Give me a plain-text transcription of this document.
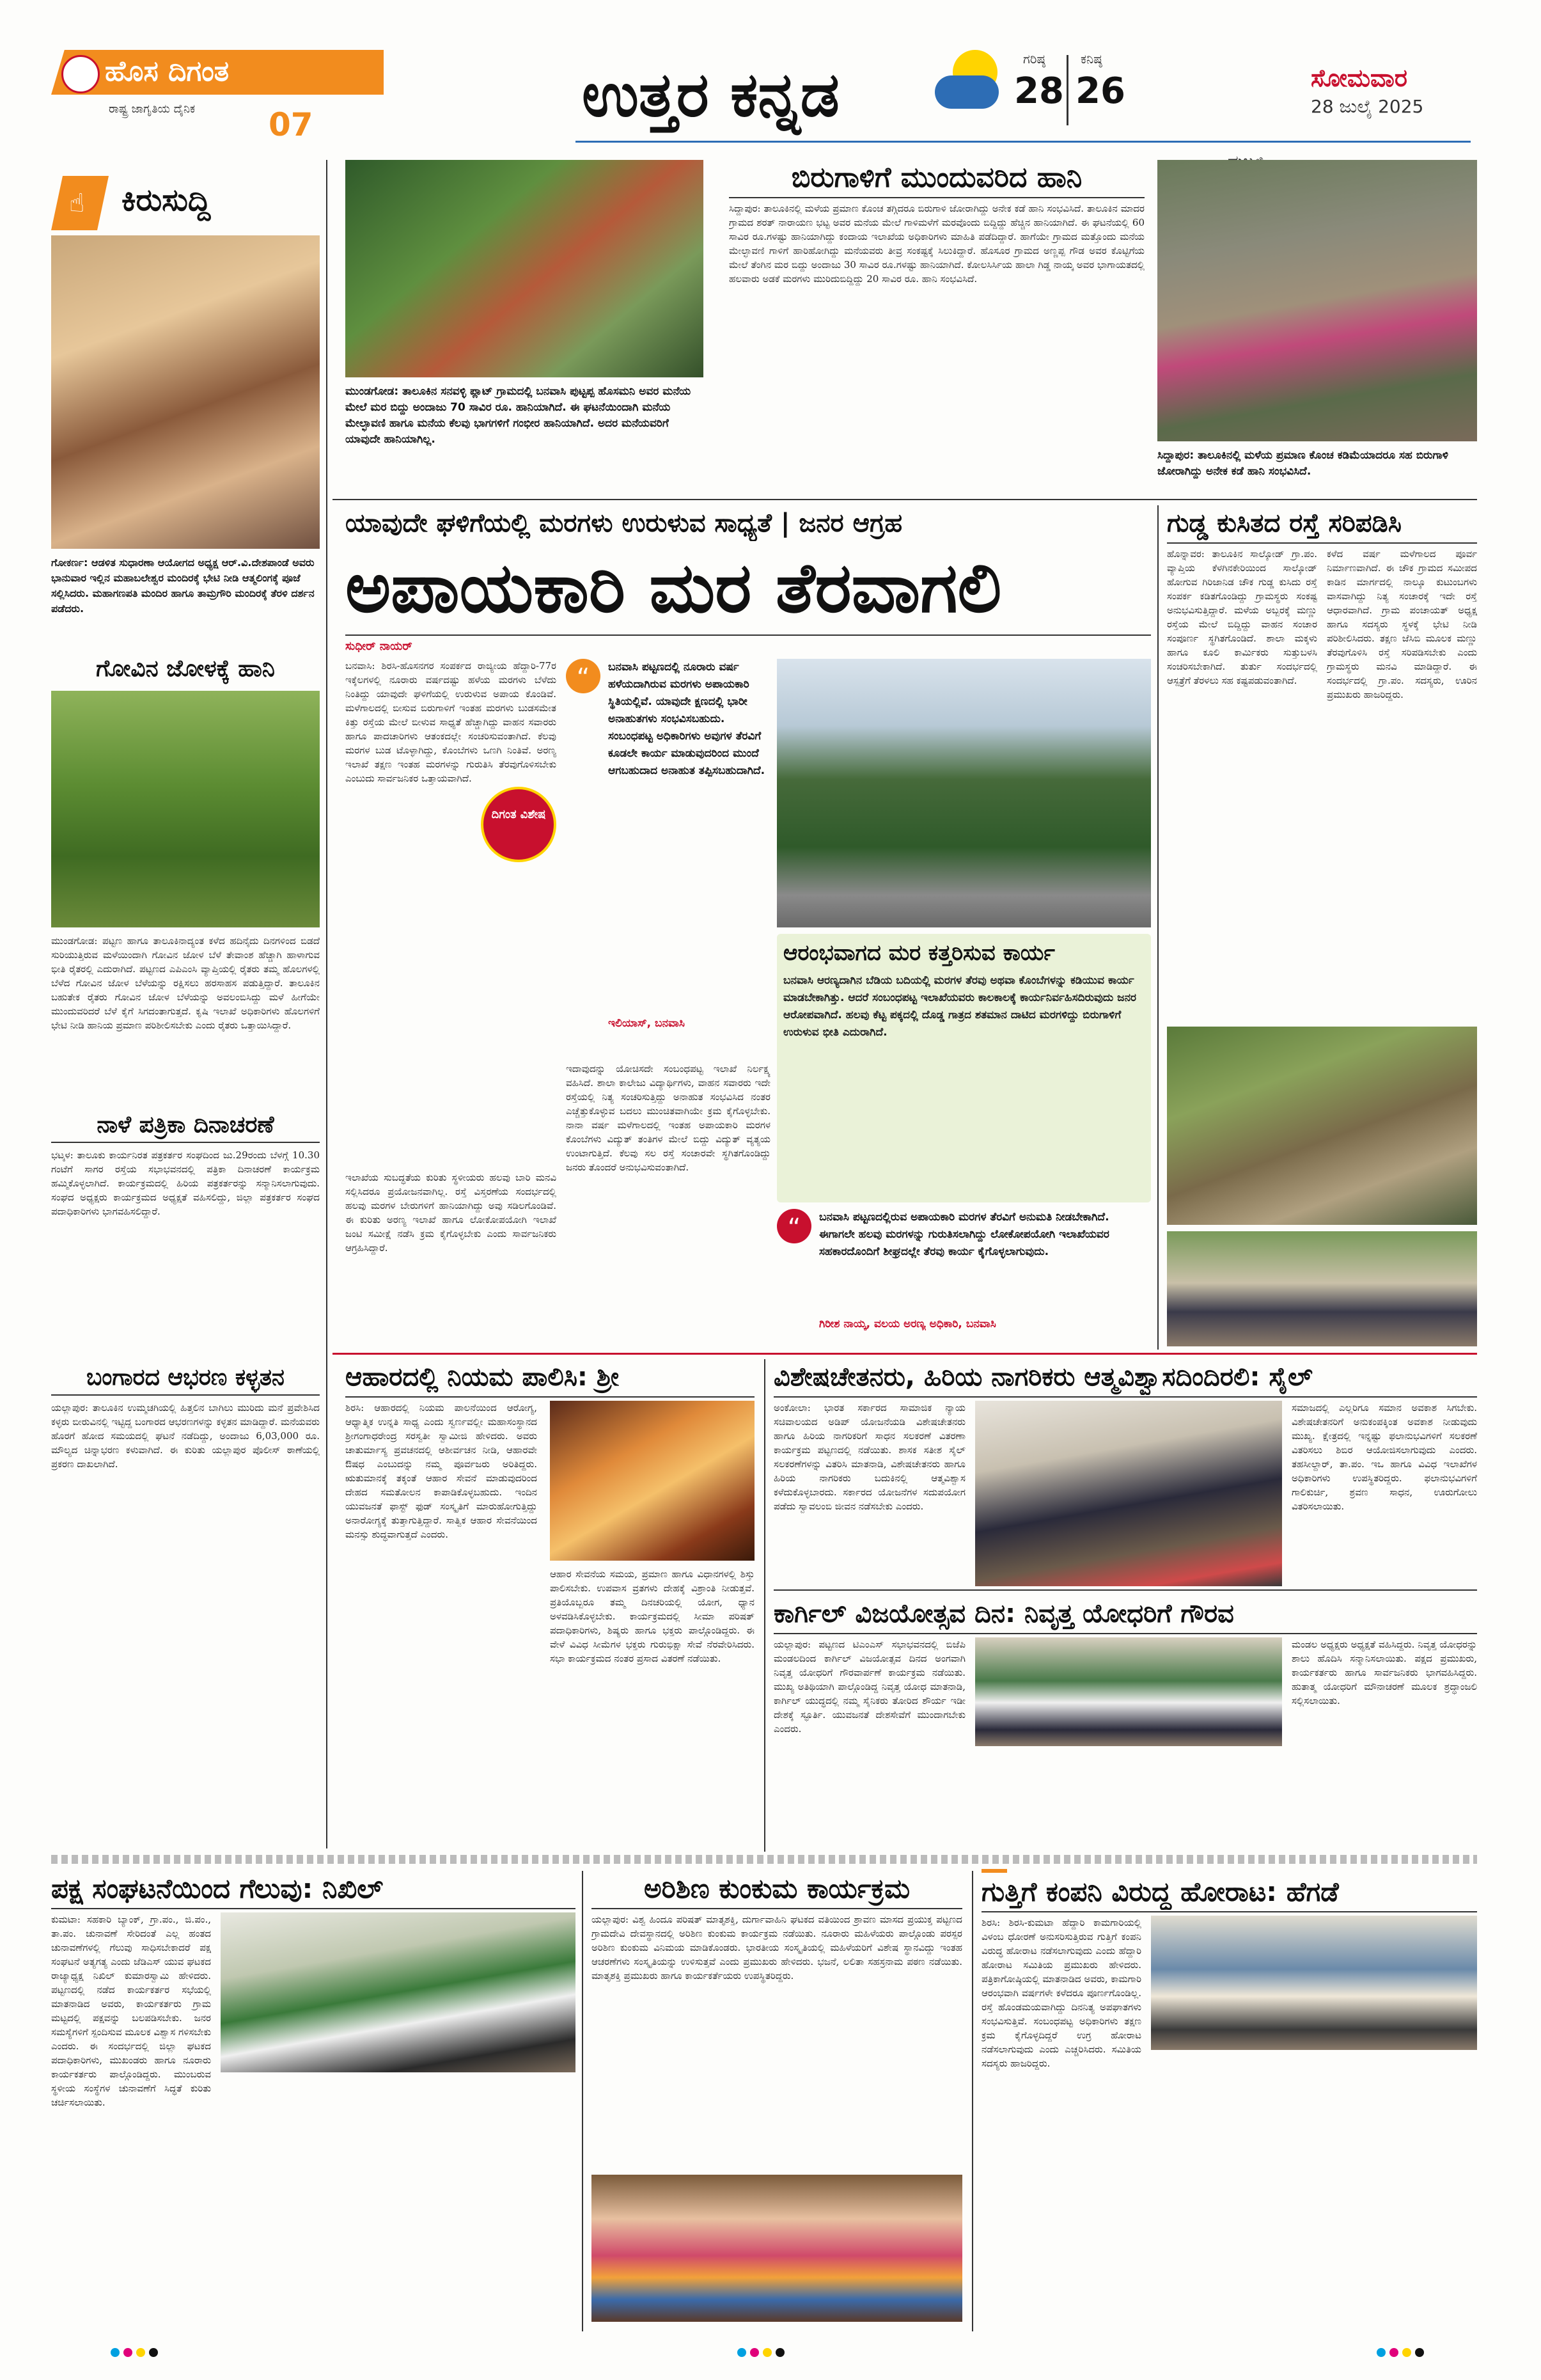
ಹೊಸ ದಿಗಂತ
ರಾಷ್ಟ್ರ ಜಾಗೃತಿಯ ದೈನಿಕ 07	ಉತ್ತರ ಕನ್ನಡ	ಗರಿಷ್ಠ
28
ಕನಿಷ್ಠ
26	ಸೋಮವಾರ
28 ಜುಲೈ 2025
☝ ಕಿರುಸುದ್ದಿ
ಗೋಕರ್ಣ: ಆಡಳಿತ ಸುಧಾರಣಾ ಆಯೋಗದ ಅಧ್ಯಕ್ಷ ಆರ್.ವಿ.ದೇಶಪಾಂಡೆ ಅವರು ಭಾನುವಾರ ಇಲ್ಲಿನ ಮಹಾಬಲೇಶ್ವರ ಮಂದಿರಕ್ಕೆ ಭೇಟಿ ನೀಡಿ ಆತ್ಮಲಿಂಗಕ್ಕೆ ಪೂಜೆ ಸಲ್ಲಿಸಿದರು. ಮಹಾಗಣಪತಿ ಮಂದಿರ ಹಾಗೂ ತಾಮ್ರಗೌರಿ ಮಂದಿರಕ್ಕೆ ತೆರಳಿ ದರ್ಶನ ಪಡೆದರು.
ಗೋವಿನ ಜೋಳಕ್ಕೆ ಹಾನಿ
ಮುಂಡಗೋಡ: ಪಟ್ಟಣ ಹಾಗೂ ತಾಲೂಕಿನಾದ್ಯಂತ ಕಳೆದ ಹದಿನೈದು ದಿನಗಳಿಂದ ಬಿಡದೆ ಸುರಿಯುತ್ತಿರುವ ಮಳೆಯಿಂದಾಗಿ ಗೋವಿನ ಜೋಳ ಬೆಳೆ ತೇವಾಂಶ ಹೆಚ್ಚಾಗಿ ಹಾಳಾಗುವ ಭೀತಿ ರೈತರಲ್ಲಿ ಎದುರಾಗಿದೆ. ಪಟ್ಟಣದ ಎಪಿಎಂಸಿ ವ್ಯಾಪ್ತಿಯಲ್ಲಿ ರೈತರು ತಮ್ಮ ಹೊಲಗಳಲ್ಲಿ ಬೆಳೆದ ಗೋವಿನ ಜೋಳ ಬೆಳೆಯನ್ನು ರಕ್ಷಿಸಲು ಹರಸಾಹಸ ಪಡುತ್ತಿದ್ದಾರೆ. ತಾಲೂಕಿನ ಬಹುತೇಕ ರೈತರು ಗೋವಿನ ಜೋಳ ಬೆಳೆಯನ್ನು ಅವಲಂಬಿಸಿದ್ದು ಮಳೆ ಹೀಗೆಯೇ ಮುಂದುವರಿದರೆ ಬೆಳೆ ಕೈಗೆ ಸಿಗದಂತಾಗುತ್ತದೆ. ಕೃಷಿ ಇಲಾಖೆ ಅಧಿಕಾರಿಗಳು ಹೊಲಗಳಿಗೆ ಭೇಟಿ ನೀಡಿ ಹಾನಿಯ ಪ್ರಮಾಣ ಪರಿಶೀಲಿಸಬೇಕು ಎಂದು ರೈತರು ಒತ್ತಾಯಿಸಿದ್ದಾರೆ.
ನಾಳೆ ಪತ್ರಿಕಾ ದಿನಾಚರಣೆ
ಭಟ್ಕಳ: ತಾಲೂಕು ಕಾರ್ಯನಿರತ ಪತ್ರಕರ್ತರ ಸಂಘದಿಂದ ಜು.29ರಂದು ಬೆಳಗ್ಗೆ 10.30 ಗಂಟೆಗೆ ಸಾಗರ ರಸ್ತೆಯ ಸಭಾಭವನದಲ್ಲಿ ಪತ್ರಿಕಾ ದಿನಾಚರಣೆ ಕಾರ್ಯಕ್ರಮ ಹಮ್ಮಿಕೊಳ್ಳಲಾಗಿದೆ. ಕಾರ್ಯಕ್ರಮದಲ್ಲಿ ಹಿರಿಯ ಪತ್ರಕರ್ತರನ್ನು ಸನ್ಮಾನಿಸಲಾಗುವುದು. ಸಂಘದ ಅಧ್ಯಕ್ಷರು ಕಾರ್ಯಕ್ರಮದ ಅಧ್ಯಕ್ಷತೆ ವಹಿಸಲಿದ್ದು, ಜಿಲ್ಲಾ ಪತ್ರಕರ್ತರ ಸಂಘದ ಪದಾಧಿಕಾರಿಗಳು ಭಾಗವಹಿಸಲಿದ್ದಾರೆ.
ಬಂಗಾರದ ಆಭರಣ ಕಳ್ಳತನ
ಯಲ್ಲಾಪುರ: ತಾಲೂಕಿನ ಉಮ್ಮಚಗಿಯಲ್ಲಿ ಹಿತ್ತಲಿನ ಬಾಗಿಲು ಮುರಿದು ಮನೆ ಪ್ರವೇಶಿಸಿದ ಕಳ್ಳರು ಬೀರುವಿನಲ್ಲಿ ಇಟ್ಟಿದ್ದ ಬಂಗಾರದ ಆಭರಣಗಳನ್ನು ಕಳ್ಳತನ ಮಾಡಿದ್ದಾರೆ. ಮನೆಯವರು ಹೊರಗೆ ಹೋದ ಸಮಯದಲ್ಲಿ ಘಟನೆ ನಡೆದಿದ್ದು, ಅಂದಾಜು 6,03,000 ರೂ. ಮೌಲ್ಯದ ಚಿನ್ನಾಭರಣ ಕಳುವಾಗಿದೆ. ಈ ಕುರಿತು ಯಲ್ಲಾಪುರ ಪೊಲೀಸ್ ಠಾಣೆಯಲ್ಲಿ ಪ್ರಕರಣ ದಾಖಲಾಗಿದೆ.
ಮುಂಡಗೋಡ: ತಾಲೂಕಿನ ಸನವಳ್ಳಿ ಪ್ಲಾಟ್ ಗ್ರಾಮದಲ್ಲಿ ಬನವಾಸಿ ಪುಟ್ಟಪ್ಪ ಹೊಸಮನಿ ಅವರ ಮನೆಯ ಮೇಲೆ ಮರ ಬಿದ್ದು ಅಂದಾಜು 70 ಸಾವಿರ ರೂ. ಹಾನಿಯಾಗಿದೆ. ಈ ಘಟನೆಯಿಂದಾಗಿ ಮನೆಯ ಮೇಲ್ಛಾವಣಿ ಹಾಗೂ ಮನೆಯ ಕೆಲವು ಭಾಗಗಳಿಗೆ ಗಂಭೀರ ಹಾನಿಯಾಗಿದೆ. ಅದರ ಮನೆಯವರಿಗೆ ಯಾವುದೇ ಹಾನಿಯಾಗಿಲ್ಲ.
ಬಿರುಗಾಳಿಗೆ ಮುಂದುವರಿದ ಹಾನಿ
ಸಿದ್ದಾಪುರ: ತಾಲೂಕಿನಲ್ಲಿ ಮಳೆಯ ಪ್ರಮಾಣ ಕೊಂಚ ತಗ್ಗಿದರೂ ಬಿರುಗಾಳಿ ಜೋರಾಗಿದ್ದು ಅನೇಕ ಕಡೆ ಹಾನಿ ಸಂಭವಿಸಿದೆ. ತಾಲೂಕಿನ ಮಾದರ ಗ್ರಾಮದ ಶರತ್ ನಾರಾಯಣ ಭಟ್ಟ ಅವರ ಮನೆಯ ಮೇಲೆ ಗಾಳಿಮಳೆಗೆ ಮರವೊಂದು ಬಿದ್ದಿದ್ದು ಹೆಚ್ಚಿನ ಹಾನಿಯಾಗಿದೆ. ಈ ಘಟನೆಯಲ್ಲಿ 60 ಸಾವಿರ ರೂ.ಗಳಷ್ಟು ಹಾನಿಯಾಗಿದ್ದು ಕಂದಾಯ ಇಲಾಖೆಯ ಅಧಿಕಾರಿಗಳು ಮಾಹಿತಿ ಪಡೆದಿದ್ದಾರೆ. ಹಾಗೆಯೇ ಗ್ರಾಮದ ಮತ್ತೊಂದು ಮನೆಯ ಮೇಲ್ಛಾವಣಿ ಗಾಳಿಗೆ ಹಾರಿಹೋಗಿದ್ದು ಮನೆಯವರು ತೀವ್ರ ಸಂಕಷ್ಟಕ್ಕೆ ಸಿಲುಕಿದ್ದಾರೆ. ಹೊಸೂರ ಗ್ರಾಮದ ಅಣ್ಣಪ್ಪ ಗೌಡ ಅವರ ಕೊಟ್ಟಿಗೆಯ ಮೇಲೆ ತೆಂಗಿನ ಮರ ಬಿದ್ದು ಅಂದಾಜು 30 ಸಾವಿರ ರೂ.ಗಳಷ್ಟು ಹಾನಿಯಾಗಿದೆ. ಕೋಲಸಿರ್ಸಿಯ ಹಾಲಾ ಗಿಡ್ಡ ನಾಯ್ಕ ಅವರ ಭಾಗಾಯತದಲ್ಲಿ ಹಲವಾರು ಅಡಕೆ ಮರಗಳು ಮುರಿದುಬಿದ್ದಿದ್ದು 20 ಸಾವಿರ ರೂ. ಹಾನಿ ಸಂಭವಿಸಿದೆ.
ಸಿದ್ದಾಪುರ: ತಾಲೂಕಿನಲ್ಲಿ ಮಳೆಯ ಪ್ರಮಾಣ ಕೊಂಚ ಕಡಿಮೆಯಾದರೂ ಸಹ ಬಿರುಗಾಳಿ ಜೋರಾಗಿದ್ದು ಅನೇಕ ಕಡೆ ಹಾನಿ ಸಂಭವಿಸಿದೆ.
ಯಾವುದೇ ಘಳಿಗೆಯಲ್ಲಿ ಮರಗಳು ಉರುಳುವ ಸಾಧ್ಯತೆ | ಜನರ ಆಗ್ರಹ
ಅಪಾಯಕಾರಿ ಮರ ತೆರವಾಗಲಿ
ಸುಧೀರ್ ನಾಯರ್
ಬನವಾಸಿ: ಶಿರಸಿ-ಹೊಸನಗರ ಸಂಪರ್ಕದ ರಾಜ್ಯೀಯ ಹೆದ್ದಾರಿ-77ರ ಇಕ್ಕೆಲಗಳಲ್ಲಿ ನೂರಾರು ವರ್ಷದಷ್ಟು ಹಳೆಯ ಮರಗಳು ಬೆಳೆದು ನಿಂತಿದ್ದು ಯಾವುದೇ ಘಳಿಗೆಯಲ್ಲಿ ಉರುಳುವ ಅಪಾಯ ಕೊಂಡಿವೆ. ಮಳೆಗಾಲದಲ್ಲಿ ಬೀಸುವ ಬಿರುಗಾಳಿಗೆ ಇಂತಹ ಮರಗಳು ಬುಡಸಮೇತ ಕಿತ್ತು ರಸ್ತೆಯ ಮೇಲೆ ಬೀಳುವ ಸಾಧ್ಯತೆ ಹೆಚ್ಚಾಗಿದ್ದು ವಾಹನ ಸವಾರರು ಹಾಗೂ ಪಾದಚಾರಿಗಳು ಆತಂಕದಲ್ಲೇ ಸಂಚರಿಸುವಂತಾಗಿದೆ. ಕೆಲವು ಮರಗಳ ಬುಡ ಟೊಳ್ಳಾಗಿದ್ದು, ಕೊಂಬೆಗಳು ಒಣಗಿ ನಿಂತಿವೆ. ಅರಣ್ಯ ಇಲಾಖೆ ತಕ್ಷಣ ಇಂತಹ ಮರಗಳನ್ನು ಗುರುತಿಸಿ ತೆರವುಗೊಳಿಸಬೇಕು ಎಂಬುದು ಸಾರ್ವಜನಿಕರ ಒತ್ತಾಯವಾಗಿದೆ.
ದಿಗಂತ ವಿಶೇಷ
“	ಬನವಾಸಿ ಪಟ್ಟಣದಲ್ಲಿ ನೂರಾರು ವರ್ಷ ಹಳೆಯದಾಗಿರುವ ಮರಗಳು ಅಪಾಯಕಾರಿ ಸ್ಥಿತಿಯಲ್ಲಿವೆ. ಯಾವುದೇ ಕ್ಷಣದಲ್ಲಿ ಭಾರೀ ಅನಾಹುತಗಳು ಸಂಭವಿಸಬಹುದು. ಸಂಬಂಧಪಟ್ಟ ಅಧಿಕಾರಿಗಳು ಅವುಗಳ ತೆರವಿಗೆ ಕೂಡಲೇ ಕಾರ್ಯ ಮಾಡುವುದರಿಂದ ಮುಂದೆ ಆಗಬಹುದಾದ ಅನಾಹುತ ತಪ್ಪಿಸಬಹುದಾಗಿದೆ.
ಇಲಿಯಾಸ್, ಬನವಾಸಿ
ಆರಂಭವಾಗದ ಮರ ಕತ್ತರಿಸುವ ಕಾರ್ಯ
ಬನವಾಸಿ ಆರಣ್ಯದಾಗಿನ ಬೆಡಿಯ ಬದಿಯಲ್ಲಿ ಮರಗಳ ತೆರವು ಅಥವಾ ಕೊಂಬೆಗಳನ್ನು ಕಡಿಯುವ ಕಾರ್ಯ ಮಾಡಬೇಕಾಗಿತ್ತು. ಆದರೆ ಸಂಬಂಧಪಟ್ಟ ಇಲಾಖೆಯವರು ಕಾಲಕಾಲಕ್ಕೆ ಕಾರ್ಯನಿರ್ವಹಿಸದಿರುವುದು ಜನರ ಆರೋಪವಾಗಿದೆ. ಹಲವು ಕೆಟ್ಟ ಪಕ್ಕದಲ್ಲಿ ದೊಡ್ಡ ಗಾತ್ರದ ಶತಮಾನ ದಾಟಿದ ಮರಗಳಿದ್ದು ಬಿರುಗಾಳಿಗೆ ಉರುಳುವ ಭೀತಿ ಎದುರಾಗಿದೆ.
ಇದಾವುದನ್ನು ಯೋಚಿಸದೇ ಸಂಬಂಧಪಟ್ಟ ಇಲಾಖೆ ನಿರ್ಲಕ್ಷ್ಯ ವಹಿಸಿದೆ. ಶಾಲಾ ಕಾಲೇಜು ವಿದ್ಯಾರ್ಥಿಗಳು, ವಾಹನ ಸವಾರರು ಇದೇ ರಸ್ತೆಯಲ್ಲಿ ನಿತ್ಯ ಸಂಚರಿಸುತ್ತಿದ್ದು ಅನಾಹುತ ಸಂಭವಿಸಿದ ನಂತರ ಎಚ್ಚೆತ್ತುಕೊಳ್ಳುವ ಬದಲು ಮುಂಚಿತವಾಗಿಯೇ ಕ್ರಮ ಕೈಗೊಳ್ಳಬೇಕು. ನಾನಾ ವರ್ಷ ಮಳೆಗಾಲದಲ್ಲಿ ಇಂತಹ ಅಪಾಯಕಾರಿ ಮರಗಳ ಕೊಂಬೆಗಳು ವಿದ್ಯುತ್ ತಂತಿಗಳ ಮೇಲೆ ಬಿದ್ದು ವಿದ್ಯುತ್ ವ್ಯತ್ಯಯ ಉಂಟಾಗುತ್ತಿದೆ. ಕೆಲವು ಸಲ ರಸ್ತೆ ಸಂಚಾರವೇ ಸ್ಥಗಿತಗೊಂಡಿದ್ದು ಜನರು ತೊಂದರೆ ಅನುಭವಿಸುವಂತಾಗಿದೆ.
ಇಲಾಖೆಯ ಸುಬದ್ಧತೆಯ ಕುರಿತು ಸ್ಥಳೀಯರು ಹಲವು ಬಾರಿ ಮನವಿ ಸಲ್ಲಿಸಿದರೂ ಪ್ರಯೋಜನವಾಗಿಲ್ಲ. ರಸ್ತೆ ವಿಸ್ತರಣೆಯ ಸಂದರ್ಭದಲ್ಲಿ ಹಲವು ಮರಗಳ ಬೇರುಗಳಿಗೆ ಹಾನಿಯಾಗಿದ್ದು ಅವು ಸಡಿಲಗೊಂಡಿವೆ. ಈ ಕುರಿತು ಅರಣ್ಯ ಇಲಾಖೆ ಹಾಗೂ ಲೋಕೋಪಯೋಗಿ ಇಲಾಖೆ ಜಂಟಿ ಸಮೀಕ್ಷೆ ನಡೆಸಿ ಕ್ರಮ ಕೈಗೊಳ್ಳಬೇಕು ಎಂದು ಸಾರ್ವಜನಿಕರು ಆಗ್ರಹಿಸಿದ್ದಾರೆ.
“	ಬನವಾಸಿ ಪಟ್ಟಣದಲ್ಲಿರುವ ಅಪಾಯಕಾರಿ ಮರಗಳ ತೆರವಿಗೆ ಅನುಮತಿ ನೀಡಬೇಕಾಗಿದೆ. ಈಗಾಗಲೇ ಹಲವು ಮರಗಳನ್ನು ಗುರುತಿಸಲಾಗಿದ್ದು ಲೋಕೋಪಯೋಗಿ ಇಲಾಖೆಯವರ ಸಹಕಾರದೊಂದಿಗೆ ಶೀಘ್ರದಲ್ಲೇ ತೆರವು ಕಾರ್ಯ ಕೈಗೊಳ್ಳಲಾಗುವುದು.
ಗಿರೀಶ ನಾಯ್ಕ, ವಲಯ ಅರಣ್ಯ ಅಧಿಕಾರಿ, ಬನವಾಸಿ
ಗುಡ್ಡ ಕುಸಿತದ ರಸ್ತೆ ಸರಿಪಡಿಸಿ
ಹೊನ್ನಾವರ: ತಾಲೂಕಿನ ಸಾಲ್ಕೋಡ್ ಗ್ರಾ.ಪಂ. ವ್ಯಾಪ್ತಿಯ ಕೆಳಗಿನಕೇರಿಯಿಂದ ಸಾಲ್ಕೋಡ್ ಹೋಗುವ ಗಿರಿಜಾನಿಡ ಚೌಕ ಗುಡ್ಡ ಕುಸಿದು ರಸ್ತೆ ಸಂಪರ್ಕ ಕಡಿತಗೊಂಡಿದ್ದು ಗ್ರಾಮಸ್ಥರು ಸಂಕಷ್ಟ ಅನುಭವಿಸುತ್ತಿದ್ದಾರೆ. ಮಳೆಯ ಅಬ್ಬರಕ್ಕೆ ಮಣ್ಣು ರಸ್ತೆಯ ಮೇಲೆ ಬಿದ್ದಿದ್ದು ವಾಹನ ಸಂಚಾರ ಸಂಪೂರ್ಣ ಸ್ಥಗಿತಗೊಂಡಿದೆ. ಶಾಲಾ ಮಕ್ಕಳು ಹಾಗೂ ಕೂಲಿ ಕಾರ್ಮಿಕರು ಸುತ್ತುಬಳಸಿ ಸಂಚರಿಸಬೇಕಾಗಿದೆ. ತುರ್ತು ಸಂದರ್ಭದಲ್ಲಿ ಆಸ್ಪತ್ರೆಗೆ ತೆರಳಲು ಸಹ ಕಷ್ಟಪಡುವಂತಾಗಿದೆ.
ಕಳೆದ ವರ್ಷ ಮಳೆಗಾಲದ ಪೂರ್ವ ನಿರ್ಮಾಣವಾಗಿದೆ. ಈ ಚೌಕ ಗ್ರಾಮದ ಸಮೀಪದ ಕಾಡಿನ ಮಾರ್ಗದಲ್ಲಿ ನಾಲ್ಕೂ ಕುಟುಂಬಗಳು ವಾಸವಾಗಿದ್ದು ನಿತ್ಯ ಸಂಚಾರಕ್ಕೆ ಇದೇ ರಸ್ತೆ ಆಧಾರವಾಗಿದೆ. ಗ್ರಾಮ ಪಂಚಾಯತ್ ಅಧ್ಯಕ್ಷ ಹಾಗೂ ಸದಸ್ಯರು ಸ್ಥಳಕ್ಕೆ ಭೇಟಿ ನೀಡಿ ಪರಿಶೀಲಿಸಿದರು. ತಕ್ಷಣ ಜೆಸಿಬಿ ಮೂಲಕ ಮಣ್ಣು ತೆರವುಗೊಳಿಸಿ ರಸ್ತೆ ಸರಿಪಡಿಸಬೇಕು ಎಂದು ಗ್ರಾಮಸ್ಥರು ಮನವಿ ಮಾಡಿದ್ದಾರೆ. ಈ ಸಂದರ್ಭದಲ್ಲಿ ಗ್ರಾ.ಪಂ. ಸದಸ್ಯರು, ಊರಿನ ಪ್ರಮುಖರು ಹಾಜರಿದ್ದರು.
ಆಹಾರದಲ್ಲಿ ನಿಯಮ ಪಾಲಿಸಿ: ಶ್ರೀ
ಶಿರಸಿ: ಆಹಾರದಲ್ಲಿ ನಿಯಮ ಪಾಲನೆಯಿಂದ ಆರೋಗ್ಯ, ಆಧ್ಯಾತ್ಮಿಕ ಉನ್ನತಿ ಸಾಧ್ಯ ಎಂದು ಸ್ವರ್ಣವಲ್ಲೀ ಮಹಾಸಂಸ್ಥಾನದ ಶ್ರೀಗಂಗಾಧರೇಂದ್ರ ಸರಸ್ವತೀ ಸ್ವಾಮೀಜಿ ಹೇಳಿದರು. ಅವರು ಚಾತುರ್ಮಾಸ್ಯ ಪ್ರವಚನದಲ್ಲಿ ಆಶೀರ್ವಚನ ನೀಡಿ, ಆಹಾರವೇ ಔಷಧ ಎಂಬುದನ್ನು ನಮ್ಮ ಪೂರ್ವಜರು ಅರಿತಿದ್ದರು. ಋತುಮಾನಕ್ಕೆ ತಕ್ಕಂತೆ ಆಹಾರ ಸೇವನೆ ಮಾಡುವುದರಿಂದ ದೇಹದ ಸಮತೋಲನ ಕಾಪಾಡಿಕೊಳ್ಳಬಹುದು. ಇಂದಿನ ಯುವಜನತೆ ಫಾಸ್ಟ್ ಫುಡ್ ಸಂಸ್ಕೃತಿಗೆ ಮಾರುಹೋಗುತ್ತಿದ್ದು ಅನಾರೋಗ್ಯಕ್ಕೆ ತುತ್ತಾಗುತ್ತಿದ್ದಾರೆ. ಸಾತ್ವಿಕ ಆಹಾರ ಸೇವನೆಯಿಂದ ಮನಸ್ಸು ಶುದ್ಧವಾಗುತ್ತದೆ ಎಂದರು.
ಆಹಾರ ಸೇವನೆಯ ಸಮಯ, ಪ್ರಮಾಣ ಹಾಗೂ ವಿಧಾನಗಳಲ್ಲಿ ಶಿಸ್ತು ಪಾಲಿಸಬೇಕು. ಉಪವಾಸ ವ್ರತಗಳು ದೇಹಕ್ಕೆ ವಿಶ್ರಾಂತಿ ನೀಡುತ್ತವೆ. ಪ್ರತಿಯೊಬ್ಬರೂ ತಮ್ಮ ದಿನಚರಿಯಲ್ಲಿ ಯೋಗ, ಧ್ಯಾನ ಅಳವಡಿಸಿಕೊಳ್ಳಬೇಕು. ಕಾರ್ಯಕ್ರಮದಲ್ಲಿ ಸೀಮಾ ಪರಿಷತ್ ಪದಾಧಿಕಾರಿಗಳು, ಶಿಷ್ಯರು ಹಾಗೂ ಭಕ್ತರು ಪಾಲ್ಗೊಂಡಿದ್ದರು. ಈ ವೇಳೆ ವಿವಿಧ ಸೀಮೆಗಳ ಭಕ್ತರು ಗುರುಭಿಕ್ಷಾ ಸೇವೆ ನೆರವೇರಿಸಿದರು. ಸಭಾ ಕಾರ್ಯಕ್ರಮದ ನಂತರ ಪ್ರಸಾದ ವಿತರಣೆ ನಡೆಯಿತು.
ವಿಶೇಷಚೇತನರು, ಹಿರಿಯ ನಾಗರಿಕರು ಆತ್ಮವಿಶ್ವಾಸದಿಂದಿರಲಿ: ಸೈಲ್
ಅಂಕೋಲಾ: ಭಾರತ ಸರ್ಕಾರದ ಸಾಮಾಜಿಕ ನ್ಯಾಯ ಸಚಿವಾಲಯದ ಅಡಿಪ್ ಯೋಜನೆಯಡಿ ವಿಶೇಷಚೇತನರು ಹಾಗೂ ಹಿರಿಯ ನಾಗರಿಕರಿಗೆ ಸಾಧನ ಸಲಕರಣೆ ವಿತರಣಾ ಕಾರ್ಯಕ್ರಮ ಪಟ್ಟಣದಲ್ಲಿ ನಡೆಯಿತು. ಶಾಸಕ ಸತೀಶ ಸೈಲ್ ಸಲಕರಣೆಗಳನ್ನು ವಿತರಿಸಿ ಮಾತನಾಡಿ, ವಿಶೇಷಚೇತನರು ಹಾಗೂ ಹಿರಿಯ ನಾಗರಿಕರು ಬದುಕಿನಲ್ಲಿ ಆತ್ಮವಿಶ್ವಾಸ ಕಳೆದುಕೊಳ್ಳಬಾರದು. ಸರ್ಕಾರದ ಯೋಜನೆಗಳ ಸದುಪಯೋಗ ಪಡೆದು ಸ್ವಾವಲಂಬಿ ಜೀವನ ನಡೆಸಬೇಕು ಎಂದರು.
ಸಮಾಜದಲ್ಲಿ ಎಲ್ಲರಿಗೂ ಸಮಾನ ಅವಕಾಶ ಸಿಗಬೇಕು. ವಿಶೇಷಚೇತನರಿಗೆ ಅನುಕಂಪಕ್ಕಿಂತ ಅವಕಾಶ ನೀಡುವುದು ಮುಖ್ಯ. ಕ್ಷೇತ್ರದಲ್ಲಿ ಇನ್ನಷ್ಟು ಫಲಾನುಭವಿಗಳಿಗೆ ಸಲಕರಣೆ ವಿತರಿಸಲು ಶಿಬಿರ ಆಯೋಜಿಸಲಾಗುವುದು ಎಂದರು. ತಹಸೀಲ್ದಾರ್, ತಾ.ಪಂ. ಇಒ ಹಾಗೂ ವಿವಿಧ ಇಲಾಖೆಗಳ ಅಧಿಕಾರಿಗಳು ಉಪಸ್ಥಿತರಿದ್ದರು. ಫಲಾನುಭವಿಗಳಿಗೆ ಗಾಲಿಕುರ್ಚಿ, ಶ್ರವಣ ಸಾಧನ, ಊರುಗೋಲು ವಿತರಿಸಲಾಯಿತು.
ಕಾರ್ಗಿಲ್ ವಿಜಯೋತ್ಸವ ದಿನ: ನಿವೃತ್ತ ಯೋಧರಿಗೆ ಗೌರವ
ಯಲ್ಲಾಪುರ: ಪಟ್ಟಣದ ಟಿಎಂಎಸ್ ಸಭಾಭವನದಲ್ಲಿ ಬಿಜೆಪಿ ಮಂಡಲದಿಂದ ಕಾರ್ಗಿಲ್ ವಿಜಯೋತ್ಸವ ದಿನದ ಅಂಗವಾಗಿ ನಿವೃತ್ತ ಯೋಧರಿಗೆ ಗೌರವಾರ್ಪಣೆ ಕಾರ್ಯಕ್ರಮ ನಡೆಯಿತು. ಮುಖ್ಯ ಅತಿಥಿಯಾಗಿ ಪಾಲ್ಗೊಂಡಿದ್ದ ನಿವೃತ್ತ ಯೋಧ ಮಾತನಾಡಿ, ಕಾರ್ಗಿಲ್ ಯುದ್ಧದಲ್ಲಿ ನಮ್ಮ ಸೈನಿಕರು ತೋರಿದ ಶೌರ್ಯ ಇಡೀ ದೇಶಕ್ಕೆ ಸ್ಫೂರ್ತಿ. ಯುವಜನತೆ ದೇಶಸೇವೆಗೆ ಮುಂದಾಗಬೇಕು ಎಂದರು.
ಮಂಡಲ ಅಧ್ಯಕ್ಷರು ಅಧ್ಯಕ್ಷತೆ ವಹಿಸಿದ್ದರು. ನಿವೃತ್ತ ಯೋಧರನ್ನು ಶಾಲು ಹೊದಿಸಿ ಸನ್ಮಾನಿಸಲಾಯಿತು. ಪಕ್ಷದ ಪ್ರಮುಖರು, ಕಾರ್ಯಕರ್ತರು ಹಾಗೂ ಸಾರ್ವಜನಿಕರು ಭಾಗವಹಿಸಿದ್ದರು. ಹುತಾತ್ಮ ಯೋಧರಿಗೆ ಮೌನಾಚರಣೆ ಮೂಲಕ ಶ್ರದ್ಧಾಂಜಲಿ ಸಲ್ಲಿಸಲಾಯಿತು.
ಪಕ್ಷ ಸಂಘಟನೆಯಿಂದ ಗೆಲುವು: ನಿಖಿಲ್
ಕುಮಟಾ: ಸಹಕಾರಿ ಬ್ಯಾಂಕ್, ಗ್ರಾ.ಪಂ., ಜಿ.ಪಂ., ತಾ.ಪಂ. ಚುನಾವಣೆ ಸೇರಿದಂತೆ ಎಲ್ಲ ಹಂತದ ಚುನಾವಣೆಗಳಲ್ಲಿ ಗೆಲುವು ಸಾಧಿಸಬೇಕಾದರೆ ಪಕ್ಷ ಸಂಘಟನೆ ಅತ್ಯಗತ್ಯ ಎಂದು ಜೆಡಿಎಸ್ ಯುವ ಘಟಕದ ರಾಜ್ಯಾಧ್ಯಕ್ಷ ನಿಖಿಲ್ ಕುಮಾರಸ್ವಾಮಿ ಹೇಳಿದರು. ಪಟ್ಟಣದಲ್ಲಿ ನಡೆದ ಕಾರ್ಯಕರ್ತರ ಸಭೆಯಲ್ಲಿ ಮಾತನಾಡಿದ ಅವರು, ಕಾರ್ಯಕರ್ತರು ಗ್ರಾಮ ಮಟ್ಟದಲ್ಲಿ ಪಕ್ಷವನ್ನು ಬಲಪಡಿಸಬೇಕು. ಜನರ ಸಮಸ್ಯೆಗಳಿಗೆ ಸ್ಪಂದಿಸುವ ಮೂಲಕ ವಿಶ್ವಾಸ ಗಳಿಸಬೇಕು ಎಂದರು. ಈ ಸಂದರ್ಭದಲ್ಲಿ ಜಿಲ್ಲಾ ಘಟಕದ ಪದಾಧಿಕಾರಿಗಳು, ಮುಖಂಡರು ಹಾಗೂ ನೂರಾರು ಕಾರ್ಯಕರ್ತರು ಪಾಲ್ಗೊಂಡಿದ್ದರು. ಮುಂಬರುವ ಸ್ಥಳೀಯ ಸಂಸ್ಥೆಗಳ ಚುನಾವಣೆಗೆ ಸಿದ್ಧತೆ ಕುರಿತು ಚರ್ಚಿಸಲಾಯಿತು.
ಅರಿಶಿಣ ಕುಂಕುಮ ಕಾರ್ಯಕ್ರಮ
ಯಲ್ಲಾಪುರ: ವಿಶ್ವ ಹಿಂದೂ ಪರಿಷತ್ ಮಾತೃಶಕ್ತಿ, ದುರ್ಗಾವಾಹಿನಿ ಘಟಕದ ವತಿಯಿಂದ ಶ್ರಾವಣ ಮಾಸದ ಪ್ರಯುಕ್ತ ಪಟ್ಟಣದ ಗ್ರಾಮದೇವಿ ದೇವಸ್ಥಾನದಲ್ಲಿ ಅರಿಶಿಣ ಕುಂಕುಮ ಕಾರ್ಯಕ್ರಮ ನಡೆಯಿತು. ನೂರಾರು ಮಹಿಳೆಯರು ಪಾಲ್ಗೊಂಡು ಪರಸ್ಪರ ಅರಿಶಿಣ ಕುಂಕುಮ ವಿನಿಮಯ ಮಾಡಿಕೊಂಡರು. ಭಾರತೀಯ ಸಂಸ್ಕೃತಿಯಲ್ಲಿ ಮಹಿಳೆಯರಿಗೆ ವಿಶೇಷ ಸ್ಥಾನವಿದ್ದು ಇಂತಹ ಆಚರಣೆಗಳು ಸಂಸ್ಕೃತಿಯನ್ನು ಉಳಿಸುತ್ತವೆ ಎಂದು ಪ್ರಮುಖರು ಹೇಳಿದರು. ಭಜನೆ, ಲಲಿತಾ ಸಹಸ್ರನಾಮ ಪಠಣ ನಡೆಯಿತು. ಮಾತೃಶಕ್ತಿ ಪ್ರಮುಖರು ಹಾಗೂ ಕಾರ್ಯಕರ್ತೆಯರು ಉಪಸ್ಥಿತರಿದ್ದರು.
ಗುತ್ತಿಗೆ ಕಂಪನಿ ವಿರುದ್ಧ ಹೋರಾಟ: ಹೆಗಡೆ
ಶಿರಸಿ: ಶಿರಸಿ-ಕುಮಟಾ ಹೆದ್ದಾರಿ ಕಾಮಗಾರಿಯಲ್ಲಿ ವಿಳಂಬ ಧೋರಣೆ ಅನುಸರಿಸುತ್ತಿರುವ ಗುತ್ತಿಗೆ ಕಂಪನಿ ವಿರುದ್ಧ ಹೋರಾಟ ನಡೆಸಲಾಗುವುದು ಎಂದು ಹೆದ್ದಾರಿ ಹೋರಾಟ ಸಮಿತಿಯ ಪ್ರಮುಖರು ಹೇಳಿದರು. ಪತ್ರಿಕಾಗೋಷ್ಠಿಯಲ್ಲಿ ಮಾತನಾಡಿದ ಅವರು, ಕಾಮಗಾರಿ ಆರಂಭವಾಗಿ ವರ್ಷಗಳೇ ಕಳೆದರೂ ಪೂರ್ಣಗೊಂಡಿಲ್ಲ. ರಸ್ತೆ ಹೊಂಡಮಯವಾಗಿದ್ದು ದಿನನಿತ್ಯ ಅಪಘಾತಗಳು ಸಂಭವಿಸುತ್ತಿವೆ. ಸಂಬಂಧಪಟ್ಟ ಅಧಿಕಾರಿಗಳು ತಕ್ಷಣ ಕ್ರಮ ಕೈಗೊಳ್ಳದಿದ್ದರೆ ಉಗ್ರ ಹೋರಾಟ ನಡೆಸಲಾಗುವುದು ಎಂದು ಎಚ್ಚರಿಸಿದರು. ಸಮಿತಿಯ ಸದಸ್ಯರು ಹಾಜರಿದ್ದರು.
